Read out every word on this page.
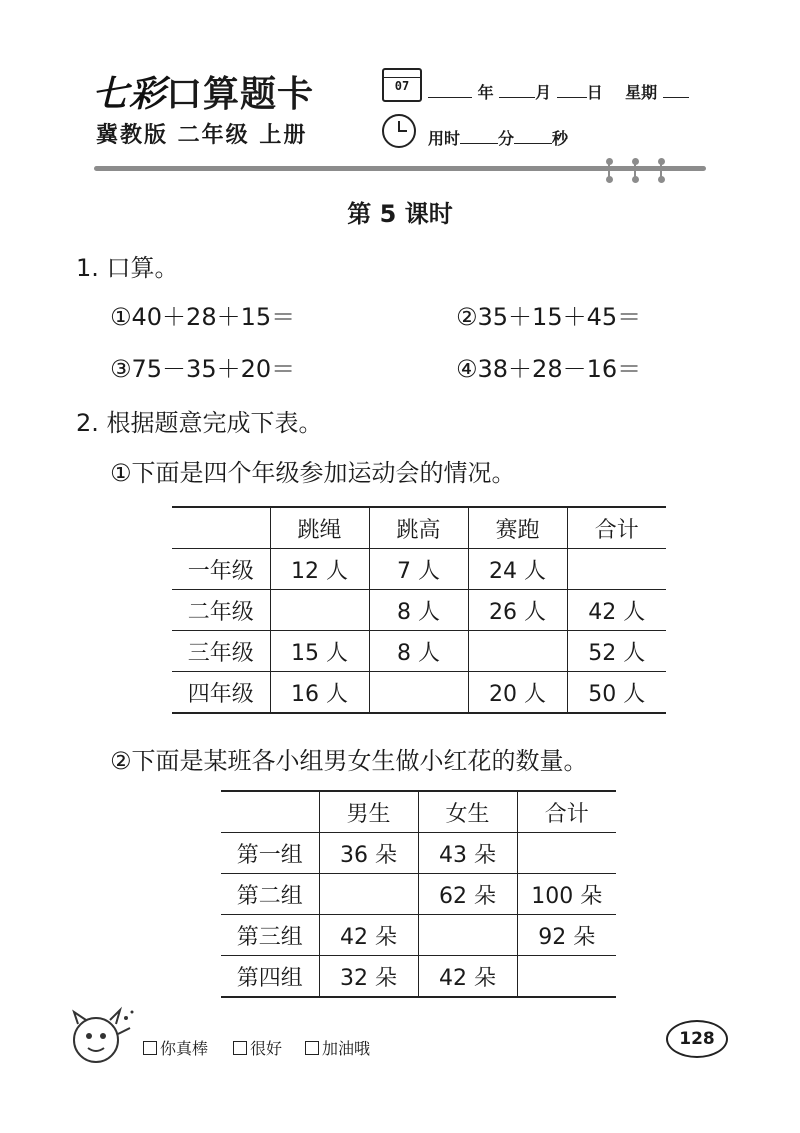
七彩口算题卡
冀教版 二年级 上册
07	年	月 日 星期
用时 分 秒
第 5 课时
1. 口算。
①40＋28＋15＝	②35＋15＋45＝
③75－35＋20＝	④38＋28－16＝
2. 根据题意完成下表。
①下面是四个年级参加运动会的情况。
	跳绳	跳高	赛跑	合计
一年级	12 人	7 人	24 人	
二年级		8 人	26 人	42 人
三年级	15 人	8 人		52 人
四年级	16 人		20 人	50 人
②下面是某班各小组男女生做小红花的数量。
	男生	女生	合计
第一组	36 朵	43 朵	
第二组		62 朵	100 朵
第三组	42 朵		92 朵
第四组	32 朵	42 朵	
你真棒	很好	加油哦	128
